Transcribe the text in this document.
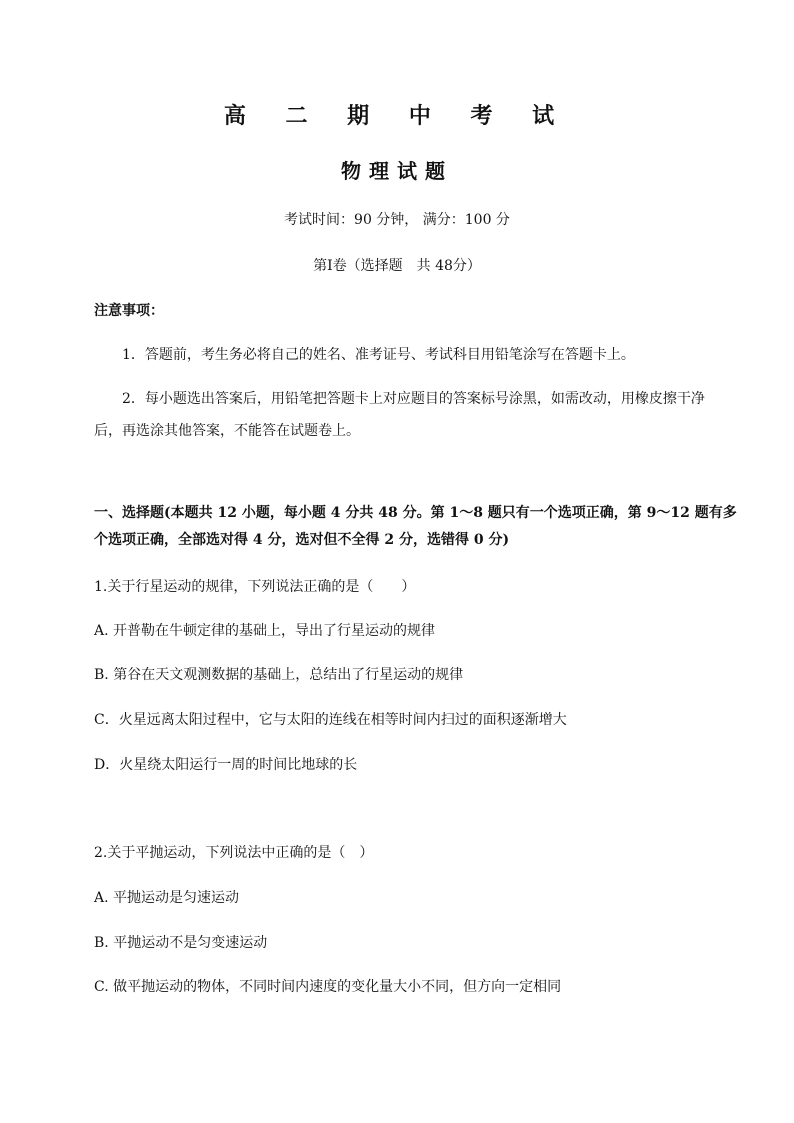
高 二 期 中 考 试
物理试题
考试时间：90 分钟， 满分：100 分
第Ⅰ卷（选择题　共 48分）
注意事项：
1．答题前，考生务必将自己的姓名、准考证号、考试科目用铅笔涂写在答题卡上。
2．每小题选出答案后，用铅笔把答题卡上对应题目的答案标号涂黑，如需改动，用橡皮擦干净
后，再选涂其他答案，不能答在试题卷上。
一、选择题(本题共 12 小题，每小题 4 分共 48 分。第 1～8 题只有一个选项正确，第 9～12 题有多
个选项正确，全部选对得 4 分，选对但不全得 2 分，选错得 0 分)
1.关于行星运动的规律，下列说法正确的是（　　）
A. 开普勒在牛顿定律的基础上，导出了行星运动的规律
B. 第谷在天文观测数据的基础上，总结出了行星运动的规律
C．火星远离太阳过程中，它与太阳的连线在相等时间内扫过的面积逐渐增大
D．火星绕太阳运行一周的时间比地球的长
2.关于平抛运动，下列说法中正确的是（　）
A. 平抛运动是匀速运动
B. 平抛运动不是匀变速运动
C. 做平抛运动的物体，不同时间内速度的变化量大小不同，但方向一定相同
